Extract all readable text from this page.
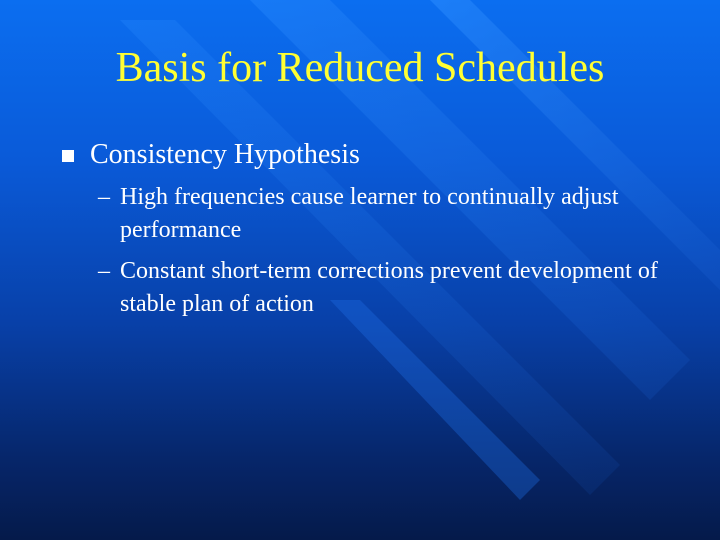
Basis for Reduced Schedules
Consistency Hypothesis
– High frequencies cause learner to continually adjust performance
– Constant short-term corrections prevent development of stable plan of action
